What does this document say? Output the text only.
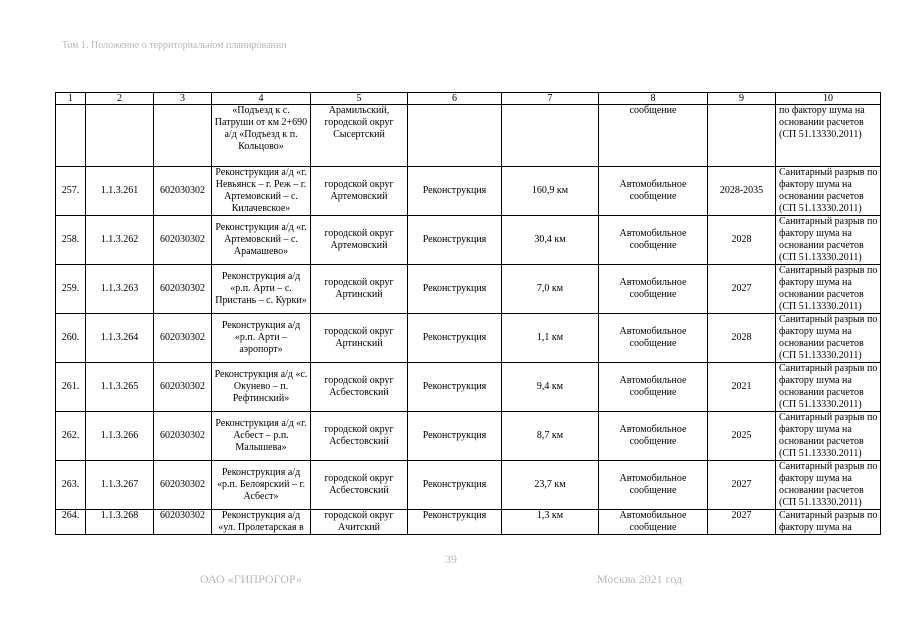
Том 1. Положение о территориальном планировании
1	2	3	4	5	6	7	8	9	10
			«Подъезд к с. Патруши от км 2+690 а/д «Подъезд к п. Кольцово»	Арамильский, городской округ Сысертский			сообщение		по фактору шума на основании расчетов (СП 51.13330.2011)
257.	1.1.3.261	602030302	Реконструкция а/д «г. Невьянск – г. Реж – г. Артемовский – с. Килачевское»	городской округ Артемовский	Реконструкция	160,9 км	Автомобильное сообщение	2028-2035	Санитарный разрыв по фактору шума на основании расчетов (СП 51.13330.2011)
258.	1.1.3.262	602030302	Реконструкция а/д «г. Артемовский – с. Арамашево»	городской округ Артемовский	Реконструкция	30,4 км	Автомобильное сообщение	2028	Санитарный разрыв по фактору шума на основании расчетов (СП 51.13330.2011)
259.	1.1.3.263	602030302	Реконструкция а/д «р.п. Арти – с. Пристань – с. Курки»	городской округ Артинский	Реконструкция	7,0 км	Автомобильное сообщение	2027	Санитарный разрыв по фактору шума на основании расчетов (СП 51.13330.2011)
260.	1.1.3.264	602030302	Реконструкция а/д «р.п. Арти – аэропорт»	городской округ Артинский	Реконструкция	1,1 км	Автомобильное сообщение	2028	Санитарный разрыв по фактору шума на основании расчетов (СП 51.13330.2011)
261.	1.1.3.265	602030302	Реконструкция а/д «с. Окунево – п. Рефтинский»	городской округ Асбестовский	Реконструкция	9,4 км	Автомобильное сообщение	2021	Санитарный разрыв по фактору шума на основании расчетов (СП 51.13330.2011)
262.	1.1.3.266	602030302	Реконструкция а/д «г. Асбест – р.п. Малышева»	городской округ Асбестовский	Реконструкция	8,7 км	Автомобильное сообщение	2025	Санитарный разрыв по фактору шума на основании расчетов (СП 51.13330.2011)
263.	1.1.3.267	602030302	Реконструкция а/д «р.п. Белоярский – г. Асбест»	городской округ Асбестовский	Реконструкция	23,7 км	Автомобильное сообщение	2027	Санитарный разрыв по фактору шума на основании расчетов (СП 51.13330.2011)
264.	1.1.3.268	602030302	Реконструкция а/д «ул. Пролетарская в	городской округ Ачитский	Реконструкция	1,3 км	Автомобильное сообщение	2027	Санитарный разрыв по фактору шума на
39
ОАО «ГИПРОГОР»	Москва 2021 год
